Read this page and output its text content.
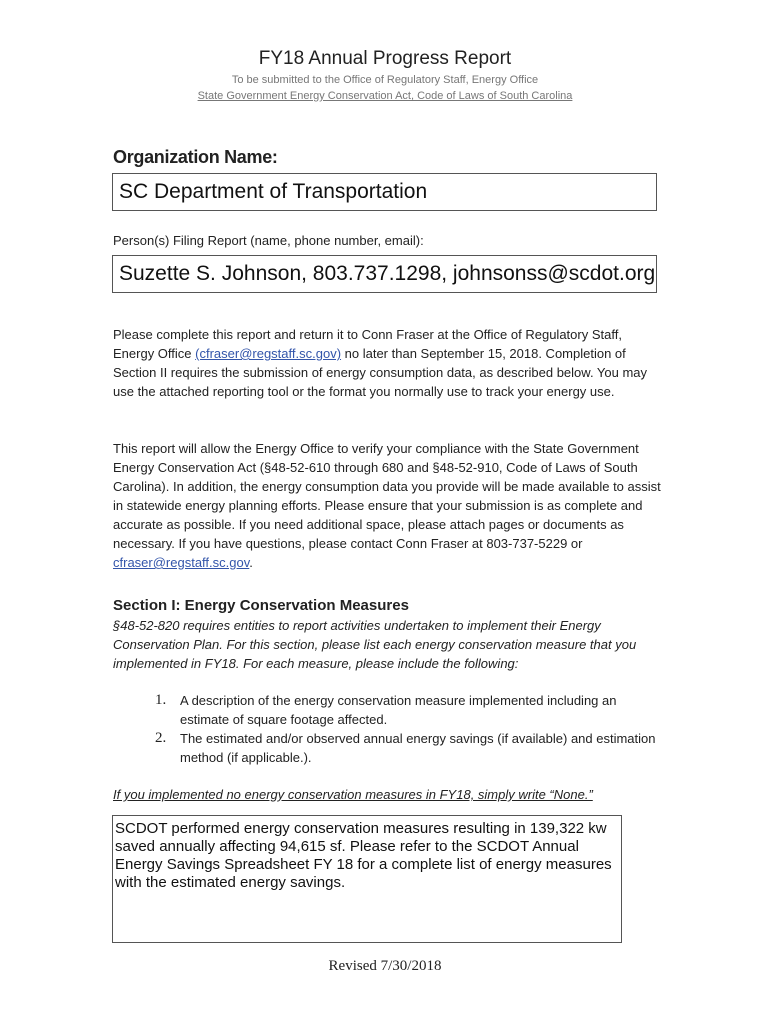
FY18 Annual Progress Report
To be submitted to the Office of Regulatory Staff, Energy Office
State Government Energy Conservation Act, Code of Laws of South Carolina
Organization Name:
SC Department of Transportation
Person(s) Filing Report (name, phone number, email):
Suzette S. Johnson, 803.737.1298, johnsonss@scdot.org
Please complete this report and return it to Conn Fraser at the Office of Regulatory Staff, Energy Office (cfraser@regstaff.sc.gov) no later than September 15, 2018. Completion of Section II requires the submission of energy consumption data, as described below. You may use the attached reporting tool or the format you normally use to track your energy use.
This report will allow the Energy Office to verify your compliance with the State Government Energy Conservation Act (§48-52-610 through 680 and §48-52-910, Code of Laws of South Carolina). In addition, the energy consumption data you provide will be made available to assist in statewide energy planning efforts. Please ensure that your submission is as complete and accurate as possible. If you need additional space, please attach pages or documents as necessary. If you have questions, please contact Conn Fraser at 803-737-5229 or cfraser@regstaff.sc.gov.
Section I: Energy Conservation Measures
§48-52-820 requires entities to report activities undertaken to implement their Energy Conservation Plan. For this section, please list each energy conservation measure that you implemented in FY18. For each measure, please include the following:
1.	A description of the energy conservation measure implemented including an estimate of square footage affected.
2.	The estimated and/or observed annual energy savings (if available) and estimation method (if applicable.).
If you implemented no energy conservation measures in FY18, simply write “None.”
SCDOT performed energy conservation measures resulting in 139,322 kw saved annually affecting 94,615 sf. Please refer to the SCDOT Annual Energy Savings Spreadsheet FY 18 for a complete list of energy measures with the estimated energy savings.
Revised 7/30/2018
